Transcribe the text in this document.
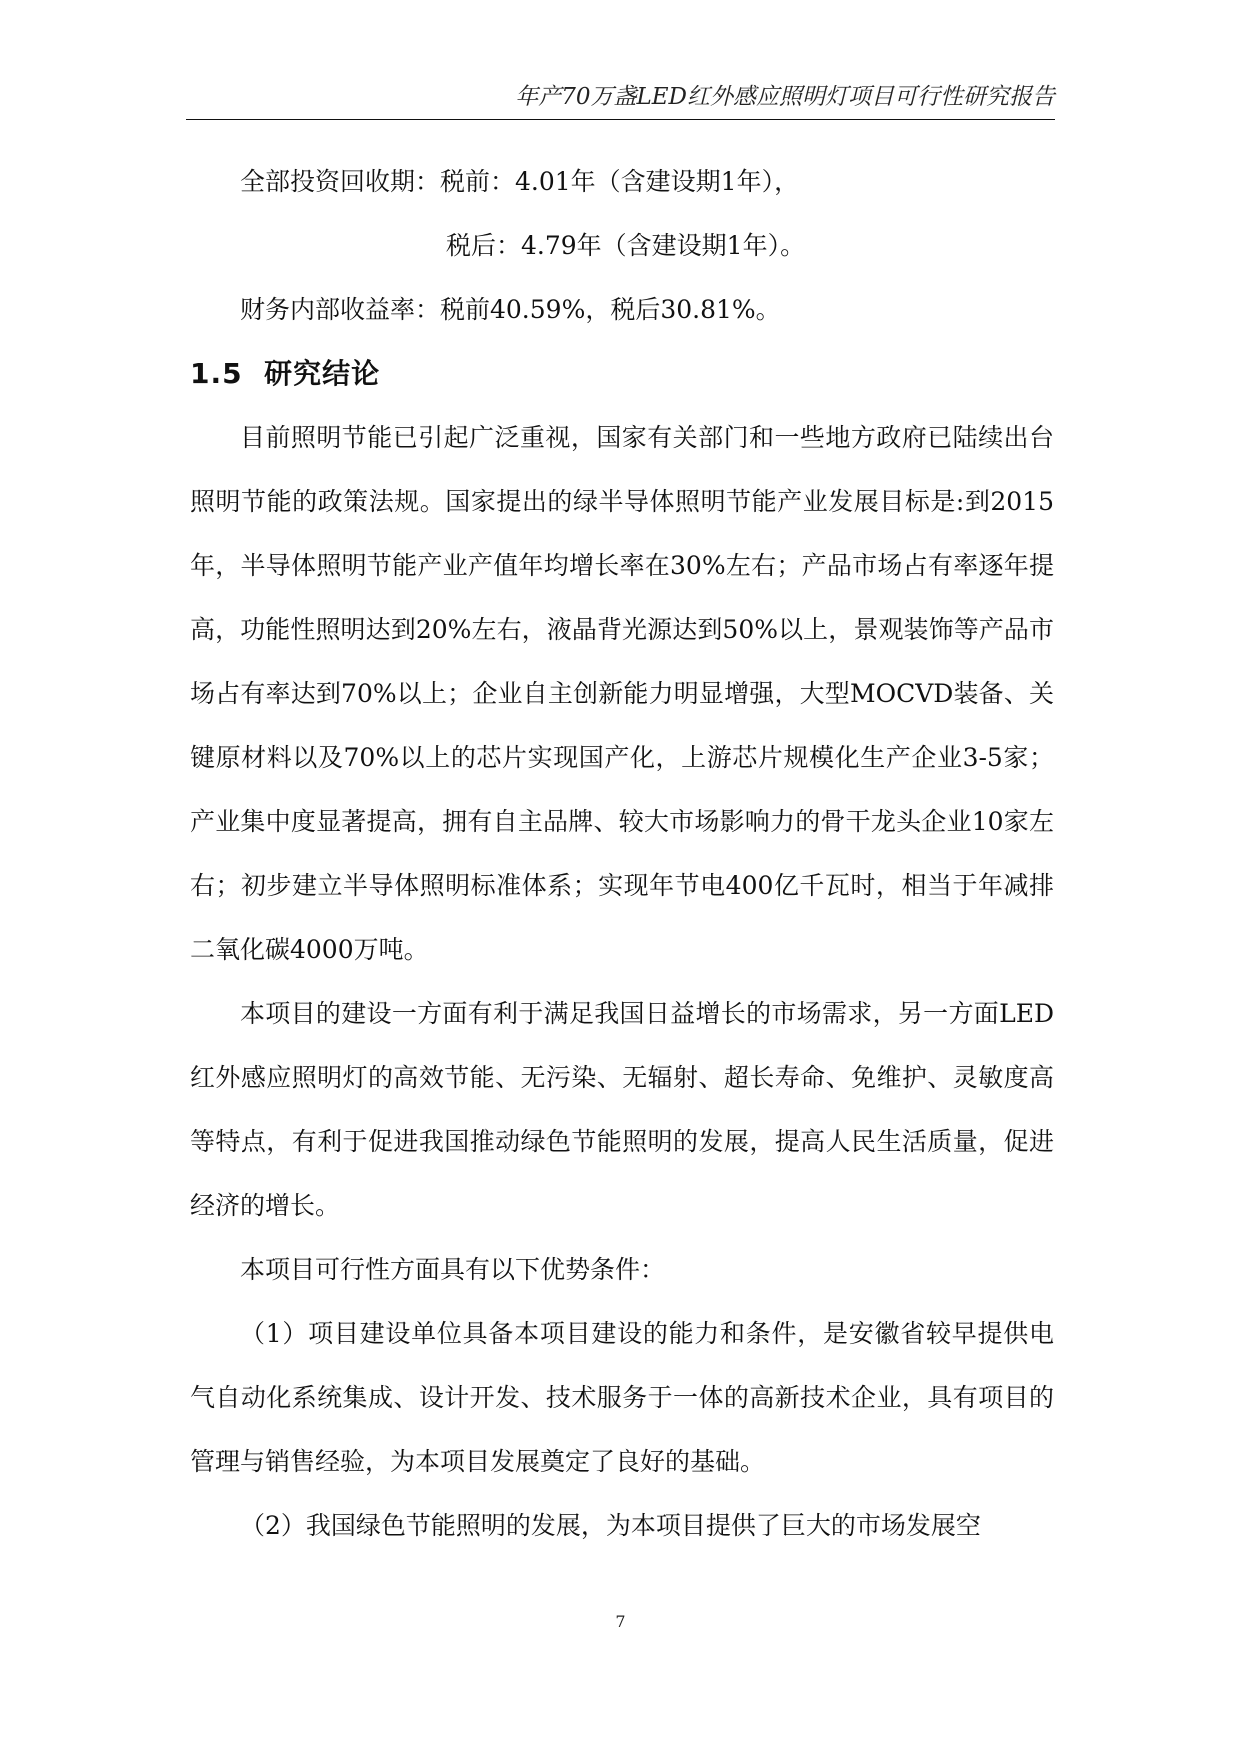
年产70万盏LED红外感应照明灯项目可行性研究报告

全部投资回收期：税前：4.01年（含建设期1年），

税后：4.79年（含建设期1年）。

财务内部收益率：税前40.59%，税后30.81%。

1.5 研究结论

目前照明节能已引起广泛重视，国家有关部门和一些地方政府已陆续出台照明节能的政策法规。国家提出的绿半导体照明节能产业发展目标是:到2015年，半导体照明节能产业产值年均增长率在30%左右；产品市场占有率逐年提高，功能性照明达到20%左右，液晶背光源达到50%以上，景观装饰等产品市场占有率达到70%以上；企业自主创新能力明显增强，大型MOCVD装备、关键原材料以及70%以上的芯片实现国产化，上游芯片规模化生产企业3-5家；产业集中度显著提高，拥有自主品牌、较大市场影响力的骨干龙头企业10家左右；初步建立半导体照明标准体系；实现年节电400亿千瓦时，相当于年减排二氧化碳4000万吨。

本项目的建设一方面有利于满足我国日益增长的市场需求，另一方面LED红外感应照明灯的高效节能、无污染、无辐射、超长寿命、免维护、灵敏度高等特点，有利于促进我国推动绿色节能照明的发展，提高人民生活质量，促进经济的增长。

本项目可行性方面具有以下优势条件：

（1）项目建设单位具备本项目建设的能力和条件，是安徽省较早提供电气自动化系统集成、设计开发、技术服务于一体的高新技术企业，具有项目的管理与销售经验，为本项目发展奠定了良好的基础。

（2）我国绿色节能照明的发展，为本项目提供了巨大的市场发展空

7
